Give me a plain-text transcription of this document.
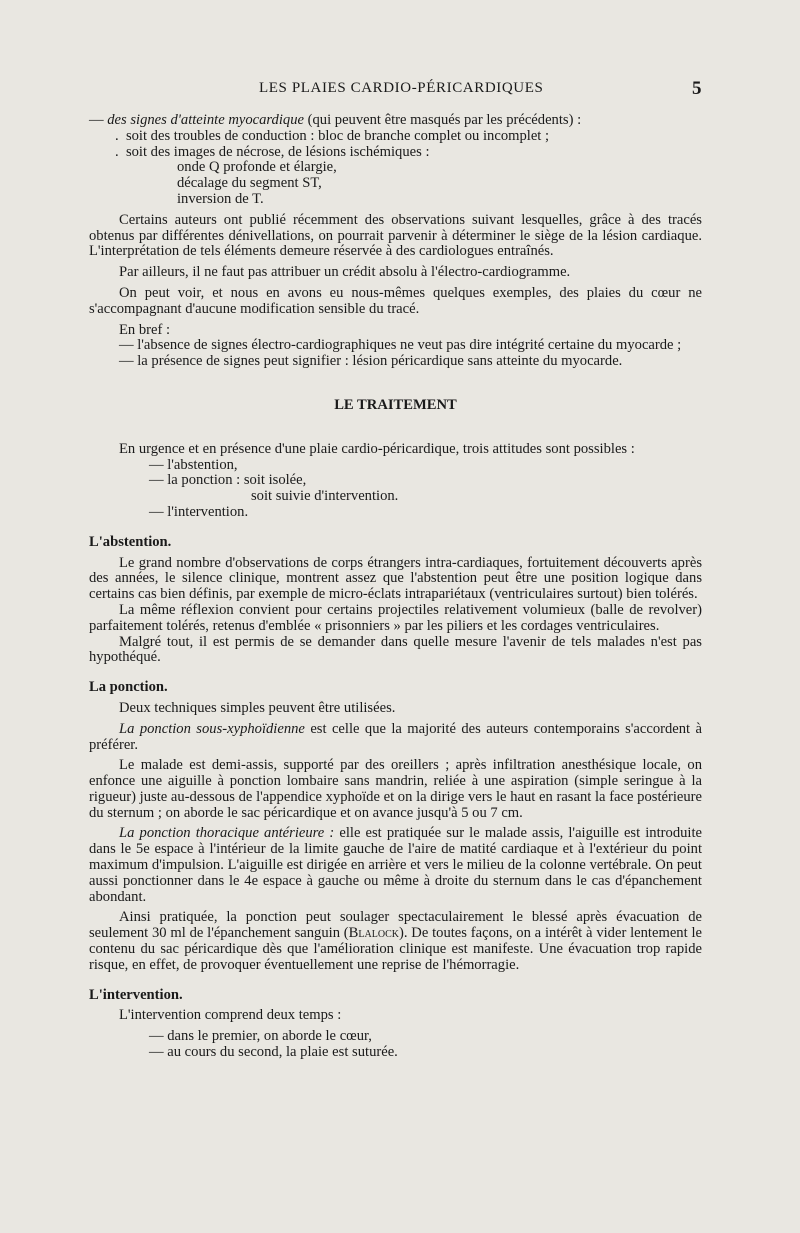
LES PLAIES CARDIO-PÉRICARDIQUES	5

— des signes d'atteinte myocardique (qui peuvent être masqués par les précédents) :

.  soit des troubles de conduction : bloc de branche complet ou incomplet ;

.  soit des images de nécrose, de lésions ischémiques :

onde Q profonde et élargie,

décalage du segment ST,

inversion de T.

Certains auteurs ont publié récemment des observations suivant lesquelles, grâce à des tracés obtenus par différentes dénivellations, on pourrait parvenir à déterminer le siège de la lésion cardiaque. L'interprétation de tels éléments demeure réservée à des cardiologues entraînés.

Par ailleurs, il ne faut pas attribuer un crédit absolu à l'électro-cardiogramme.

On peut voir, et nous en avons eu nous-mêmes quelques exemples, des plaies du cœur ne s'accompagnant d'aucune modification sensible du tracé.

En bref :

— l'absence de signes électro-cardiographiques ne veut pas dire intégrité certaine du myocarde ;

— la présence de signes peut signifier : lésion péricardique sans atteinte du myocarde.

LE TRAITEMENT

En urgence et en présence d'une plaie cardio-péricardique, trois attitudes sont possibles :

— l'abstention,

— la ponction : soit isolée,

soit suivie d'intervention.

— l'intervention.

L'abstention.

Le grand nombre d'observations de corps étrangers intra-cardiaques, fortuitement découverts après des années, le silence clinique, montrent assez que l'abstention peut être une position logique dans certains cas bien définis, par exemple de micro-éclats intrapariétaux (ventriculaires surtout) bien tolérés.

La même réflexion convient pour certains projectiles relativement volumieux (balle de revolver) parfaitement tolérés, retenus d'emblée « prisonniers » par les piliers et les cordages ventriculaires.

Malgré tout, il est permis de se demander dans quelle mesure l'avenir de tels malades n'est pas hypothéqué.

La ponction.

Deux techniques simples peuvent être utilisées.

La ponction sous-xyphoïdienne est celle que la majorité des auteurs contemporains s'accordent à préférer.

Le malade est demi-assis, supporté par des oreillers ; après infiltration anesthésique locale, on enfonce une aiguille à ponction lombaire sans mandrin, reliée à une aspiration (simple seringue à la rigueur) juste au-dessous de l'appendice xyphoïde et on la dirige vers le haut en rasant la face postérieure du sternum ; on aborde le sac péricardique et on avance jusqu'à 5 ou 7 cm.

La ponction thoracique antérieure : elle est pratiquée sur le malade assis, l'aiguille est introduite dans le 5e espace à l'intérieur de la limite gauche de l'aire de matité cardiaque et à l'extérieur du point maximum d'impulsion. L'aiguille est dirigée en arrière et vers le milieu de la colonne vertébrale. On peut aussi ponctionner dans le 4e espace à gauche ou même à droite du sternum dans le cas d'épanchement abondant.

Ainsi pratiquée, la ponction peut soulager spectaculairement le blessé après évacuation de seulement 30 ml de l'épanchement sanguin (Blalock). De toutes façons, on a intérêt à vider lentement le contenu du sac péricardique dès que l'amélioration clinique est manifeste. Une évacuation trop rapide risque, en effet, de provoquer éventuellement une reprise de l'hémorragie.

L'intervention.

L'intervention comprend deux temps :

— dans le premier, on aborde le cœur,

— au cours du second, la plaie est suturée.
